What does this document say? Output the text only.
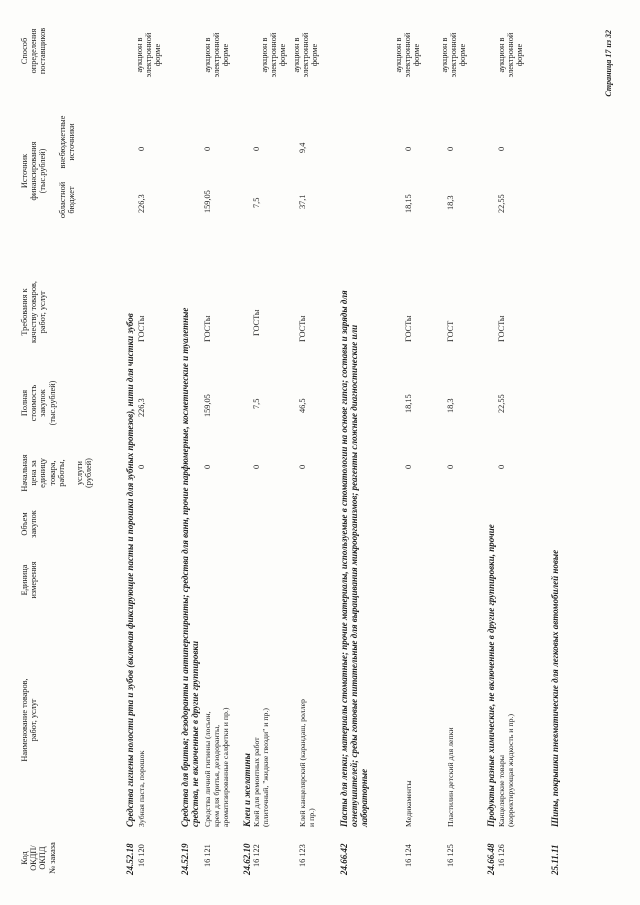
Код ОКДП/ ОКПД № заказа
Наименование товаров, работ, услуг
Единица измерения
Объем закупок
Начальная цена за единицу товара, работы, услуги (рублей)
Полная стоимость закупок (тыс.рублей)
Требования к качеству товаров, работ, услуг
Источник финансирования (тыс.рублей)
областной бюджет
внебюджетные источники
Способ определения поставщиков
24.52.18
Средства гигиены полости рта и зубов (включая фиксирующие пасты и порошки для зубных протезов), нити для чистки зубов
16 120
Зубная паста, порошок
0
226,3
ГОСТы
226,3
0
аукцион в электронной форме
24.52.19
Средства для бритья; дезодоранты и антиперспиранты; средства для ванн, прочие парфюмерные, косметические и туалетные средства, не включенные в другие группировки
16 121
Средства личной гигиены (лосьон, крем для бритья, дезодоранты, ароматизированные салфетки и пр.)
0
159,05
ГОСТы
159,05
0
аукцион в электронной форме
24.62.10
Клеи и желатины
16 122
Клей для ремонтных работ (плиточный, "жидкие гвозди" и пр.)
0
7,5
ГОСТы
7,5
0
аукцион в электронной форме
16 123
Клей канцелярский (карандаш, роллер и пр.)
0
46,5
ГОСТы
37,1
9,4
аукцион в электронной форме
24.66.42
Пасты для лепки; материалы стоматные; прочие материалы, используемые в стоматологии на основе гипса; составы и заряды для огнетушителей; среды готовые питательные для выращивания микроорганизмов; реагенты сложные диагностические или лабораторные
16 124
Медикаменты
0
18,15
ГОСТы
18,15
0
аукцион в электронной форме
16 125
Пластилин детский для лепки
0
18,3
ГОСТ
18,3
0
аукцион в электронной форме
24.66.48
Продукты разные химические, не включенные в другие группировки, прочие
16 126
Канцелярские товары (корректирующая жидкость и пр.)
0
22,55
ГОСТы
22,55
0
аукцион в электронной форме
25.11.11
Шины, покрышки пневматические для легковых автомобилей новые
Страница 17 из 32
